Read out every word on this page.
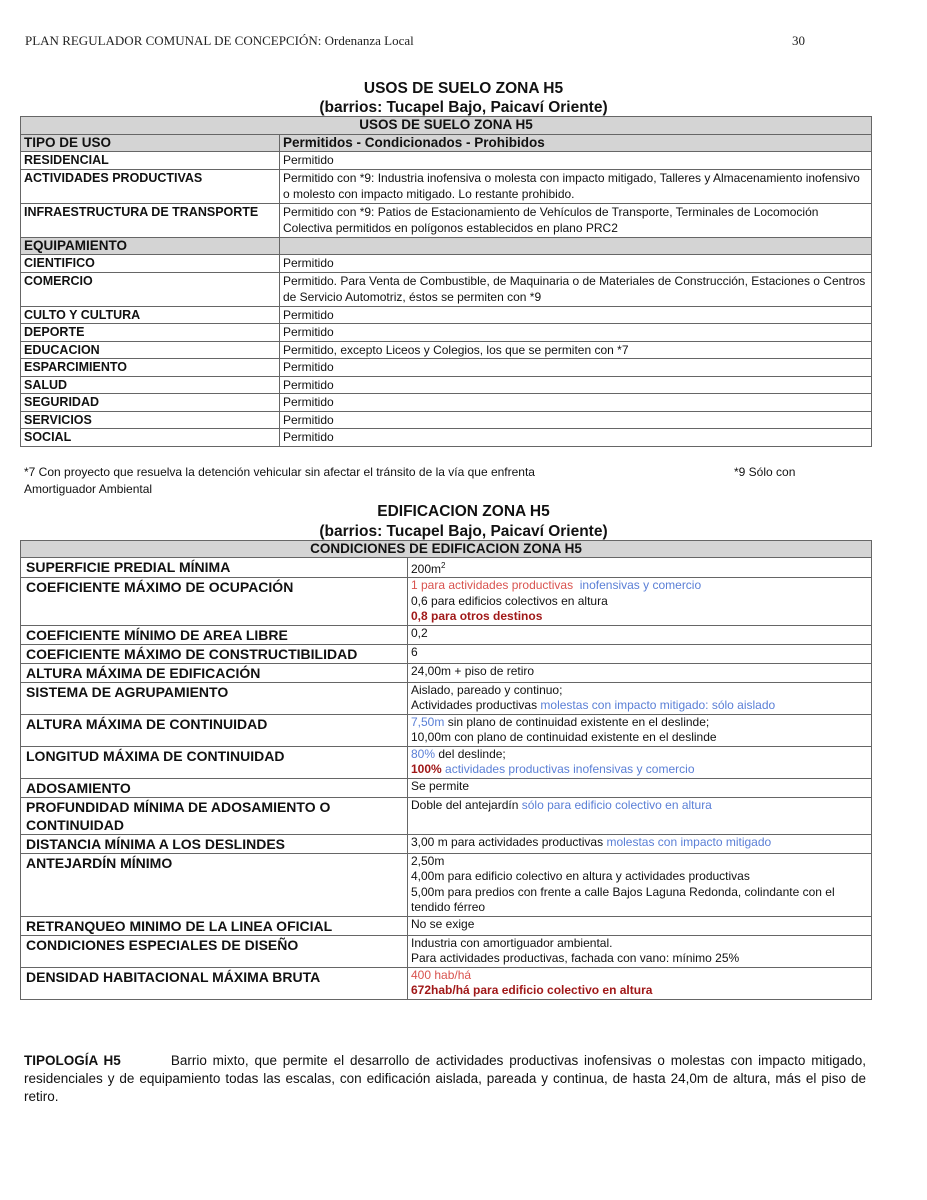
PLAN REGULADOR COMUNAL DE CONCEPCIÓN: Ordenanza Local	30
USOS DE SUELO ZONA H5
(barrios: Tucapel Bajo, Paicaví Oriente)
USOS DE SUELO ZONA H5	
TIPO DE USO	Permitidos - Condicionados - Prohibidos
RESIDENCIAL	Permitido
ACTIVIDADES PRODUCTIVAS	Permitido con *9: Industria inofensiva o molesta con impacto mitigado, Talleres y Almacenamiento inofensivo o molesto con impacto mitigado. Lo restante prohibido.
INFRAESTRUCTURA DE TRANSPORTE	Permitido con *9: Patios de Estacionamiento de Vehículos de Transporte, Terminales de Locomoción Colectiva permitidos en polígonos establecidos en plano PRC2
EQUIPAMIENTO	
CIENTIFICO	Permitido
COMERCIO	Permitido. Para Venta de Combustible, de Maquinaria o de Materiales de Construcción, Estaciones o Centros de Servicio Automotriz, éstos se permiten con *9
CULTO Y CULTURA	Permitido
DEPORTE	Permitido
EDUCACION	Permitido, excepto Liceos y Colegios, los que se permiten con *7
ESPARCIMIENTO	Permitido
SALUD	Permitido
SEGURIDAD	Permitido
SERVICIOS	Permitido
SOCIAL	Permitido
*7 Con proyecto que resuelva la detención vehicular sin afectar el tránsito de la vía que enfrenta	*9 Sólo con
Amortiguador Ambiental
EDIFICACION ZONA H5
(barrios: Tucapel Bajo, Paicaví Oriente)
CONDICIONES DE EDIFICACION ZONA H5	
SUPERFICIE PREDIAL MÍNIMA	$200m^2$
COEFICIENTE MÁXIMO DE OCUPACIÓN	1 para actividades productivas inofensivas y comercio
0,6 para edificios colectivos en altura
0,8 para otros destinos
COEFICIENTE MÍNIMO DE AREA LIBRE	0,2
COEFICIENTE MÁXIMO DE CONSTRUCTIBILIDAD	6
ALTURA MÁXIMA DE EDIFICACIÓN	24,00m + piso de retiro
SISTEMA DE AGRUPAMIENTO	Aislado, pareado y continuo;
Actividades productivas molestas con impacto mitigado: sólo aislado
ALTURA MÁXIMA DE CONTINUIDAD	7,50m sin plano de continuidad existente en el deslinde;
10,00m con plano de continuidad existente en el deslinde
LONGITUD MÁXIMA DE CONTINUIDAD	80% del deslinde;
100% actividades productivas inofensivas y comercio
ADOSAMIENTO	Se permite
PROFUNDIDAD MÍNIMA DE ADOSAMIENTO O CONTINUIDAD	Doble del antejardín sólo para edificio colectivo en altura
DISTANCIA MÍNIMA A LOS DESLINDES	3,00 m para actividades productivas molestas con impacto mitigado
ANTEJARDÍN MÍNIMO	2,50m
4,00m para edificio colectivo en altura y actividades productivas
5,00m para predios con frente a calle Bajos Laguna Redonda, colindante con el tendido férreo
RETRANQUEO MINIMO DE LA LINEA OFICIAL	No se exige
CONDICIONES ESPECIALES DE DISEÑO	Industria con amortiguador ambiental.
Para actividades productivas, fachada con vano: mínimo 25%
DENSIDAD HABITACIONAL MÁXIMA BRUTA	400 hab/há
672hab/há para edificio colectivo en altura
TIPOLOGÍA H5	Barrio mixto, que permite el desarrollo de actividades productivas inofensivas o molestas con impacto mitigado, residenciales y de equipamiento todas las escalas, con edificación aislada, pareada y continua, de hasta 24,0m de altura, más el piso de retiro.
